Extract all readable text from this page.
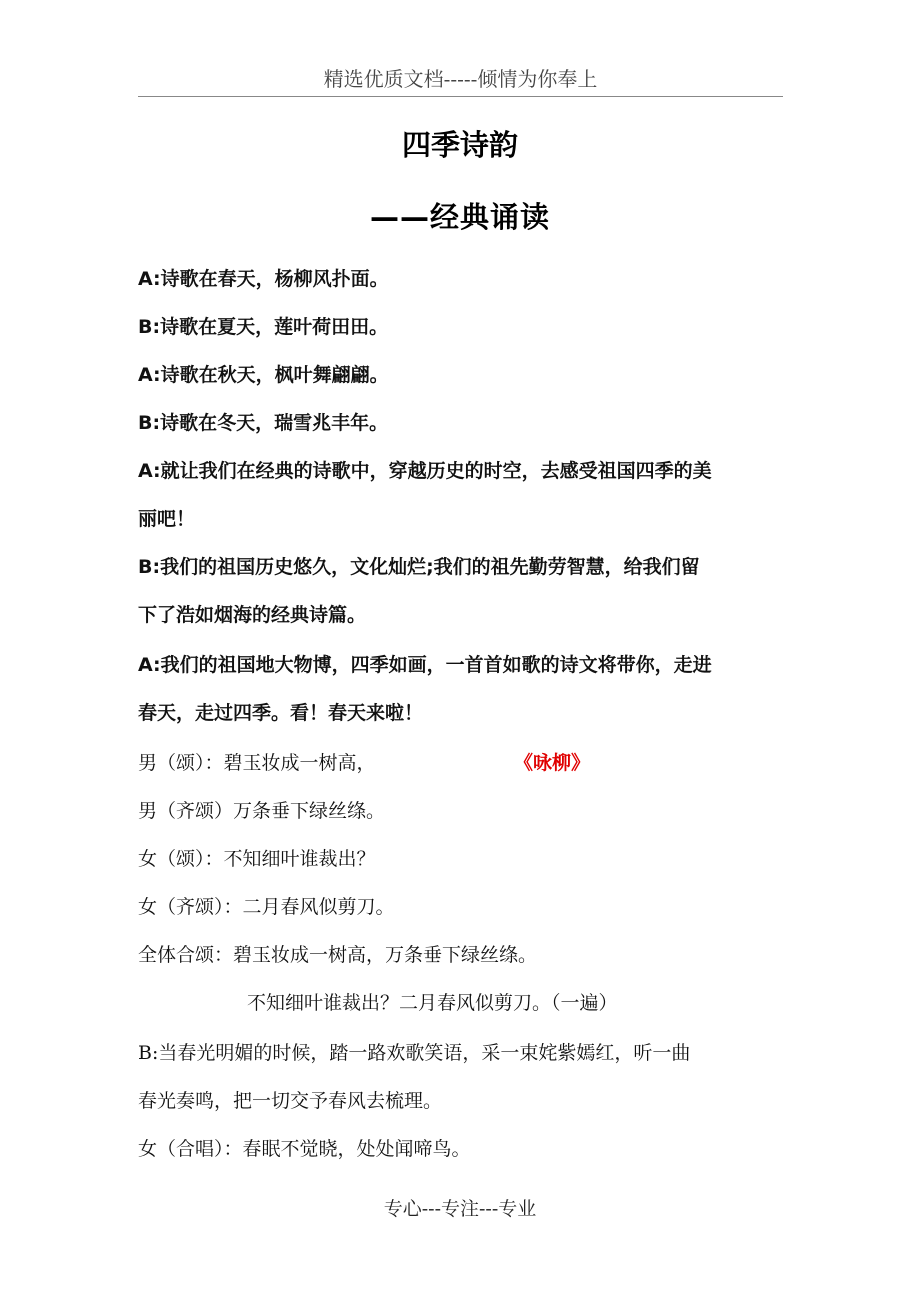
精选优质文档-----倾情为你奉上
四季诗韵
——经典诵读
A:诗歌在春天，杨柳风扑面。
B:诗歌在夏天，莲叶荷田田。
A:诗歌在秋天，枫叶舞翩翩。
B:诗歌在冬天，瑞雪兆丰年。
A:就让我们在经典的诗歌中，穿越历史的时空，去感受祖国四季的美
丽吧！
B:我们的祖国历史悠久，文化灿烂;我们的祖先勤劳智慧，给我们留
下了浩如烟海的经典诗篇。
A:我们的祖国地大物博，四季如画，一首首如歌的诗文将带你，走进
春天，走过四季。看！春天来啦！
男（颂）：碧玉妆成一树高，	《咏柳》
男（齐颂）万条垂下绿丝绦。
女（颂）：不知细叶谁裁出？
女（齐颂）：二月春风似剪刀。
全体合颂：碧玉妆成一树高，万条垂下绿丝绦。
不知细叶谁裁出？二月春风似剪刀。（一遍）
B:当春光明媚的时候，踏一路欢歌笑语，采一束姹紫嫣红，听一曲
春光奏鸣，把一切交予春风去梳理。
女（合唱）：春眠不觉晓，处处闻啼鸟。
专心---专注---专业
